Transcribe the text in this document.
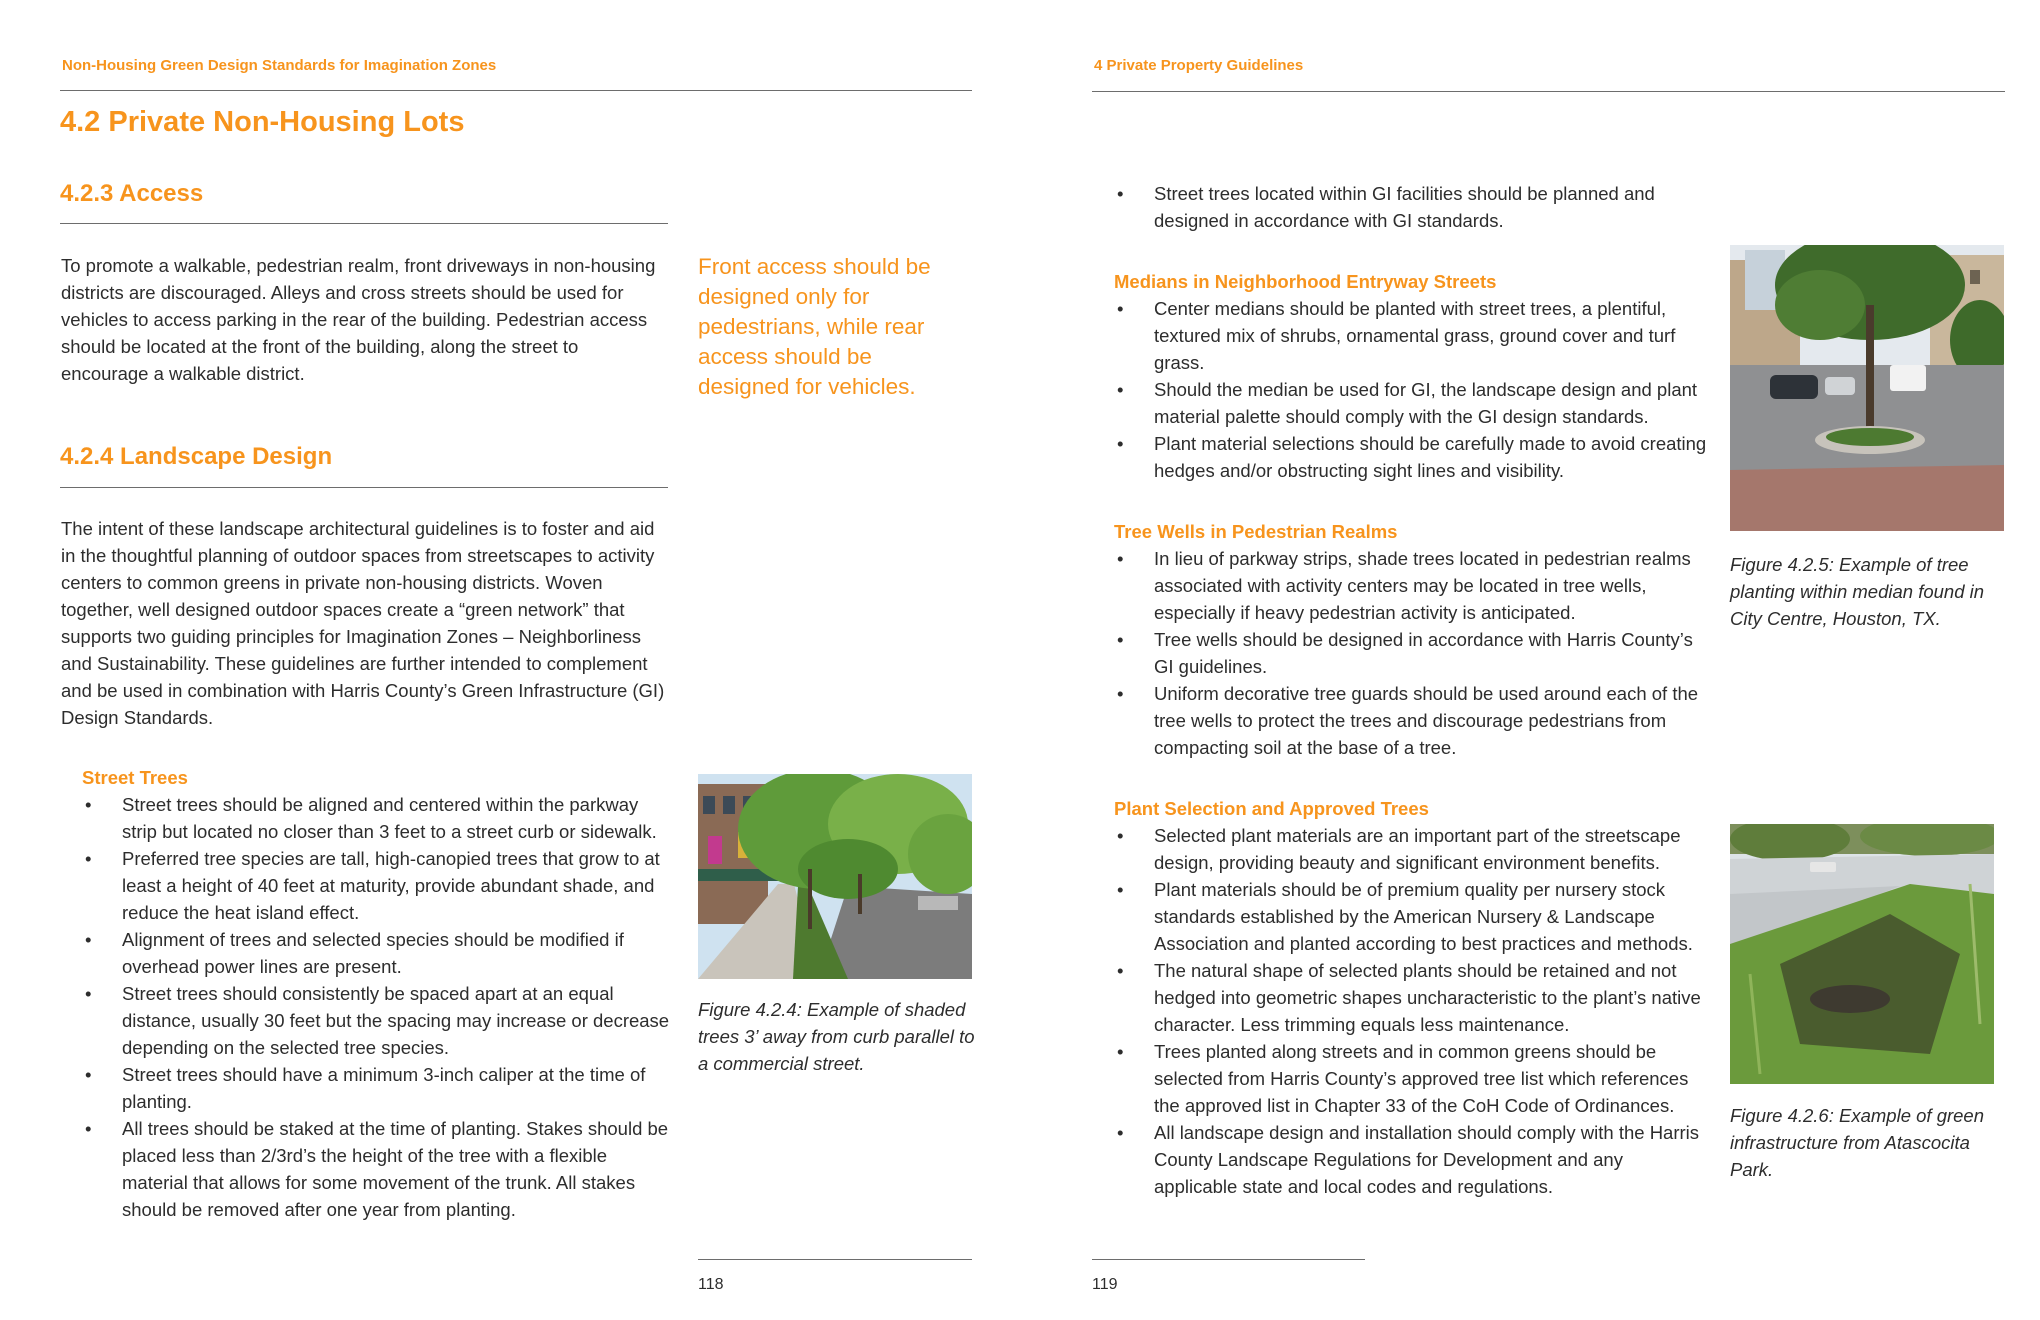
Non-Housing Green Design Standards for Imagination Zones
4.2 Private Non-Housing Lots
4.2.3 Access

To promote a walkable, pedestrian realm, front driveways in non-housing districts are discouraged. Alleys and cross streets should be used for vehicles to access parking in the rear of the building. Pedestrian access should be located at the front of the building, along the street to encourage a walkable district.

Front access should be designed only for pedestrians, while rear access should be designed for vehicles.

4.2.4 Landscape Design

The intent of these landscape architectural guidelines is to foster and aid in the thoughtful planning of outdoor spaces from streetscapes to activity centers to common greens in private non-housing districts. Woven together, well designed outdoor spaces create a “green network” that supports two guiding principles for Imagination Zones – Neighborliness and Sustainability. These guidelines are further intended to complement and be used in combination with Harris County’s Green Infrastructure (GI) Design Standards.

Street Trees

• Street trees should be aligned and centered within the parkway strip but located no closer than 3 feet to a street curb or sidewalk.
• Preferred tree species are tall, high-canopied trees that grow to at least a height of 40 feet at maturity, provide abundant shade, and reduce the heat island effect.
• Alignment of trees and selected species should be modified if overhead power lines are present.
• Street trees should consistently be spaced apart at an equal distance, usually 30 feet but the spacing may increase or decrease depending on the selected tree species.
• Street trees should have a minimum 3-inch caliper at the time of planting.
• All trees should be staked at the time of planting. Stakes should be placed less than 2/3rd’s the height of the tree with a flexible material that allows for some movement of the trunk. All stakes should be removed after one year from planting.

Figure 4.2.4: Example of shaded trees 3’ away from curb parallel to a commercial street.

118
4 Private Property Guidelines
• Street trees located within GI facilities should be planned and designed in accordance with GI standards.

Medians in Neighborhood Entryway Streets

• Center medians should be planted with street trees, a plentiful, textured mix of shrubs, ornamental grass, ground cover and turf grass.
• Should the median be used for GI, the landscape design and plant material palette should comply with the GI design standards.
• Plant material selections should be carefully made to avoid creating hedges and/or obstructing sight lines and visibility.

Tree Wells in Pedestrian Realms

• In lieu of parkway strips, shade trees located in pedestrian realms associated with activity centers may be located in tree wells, especially if heavy pedestrian activity is anticipated.
• Tree wells should be designed in accordance with Harris County’s GI guidelines.
• Uniform decorative tree guards should be used around each of the tree wells to protect the trees and discourage pedestrians from compacting soil at the base of a tree.

Plant Selection and Approved Trees

• Selected plant materials are an important part of the streetscape design, providing beauty and significant environment benefits.
• Plant materials should be of premium quality per nursery stock standards established by the American Nursery & Landscape Association and planted according to best practices and methods.
• The natural shape of selected plants should be retained and not hedged into geometric shapes uncharacteristic to the plant’s native character. Less trimming equals less maintenance.
• Trees planted along streets and in common greens should be selected from Harris County’s approved tree list which references the approved list in Chapter 33 of the CoH Code of Ordinances.
• All landscape design and installation should comply with the Harris County Landscape Regulations for Development and any applicable state and local codes and regulations.

Figure 4.2.5: Example of tree planting within median found in City Centre, Houston, TX.

Figure 4.2.6: Example of green infrastructure from Atascocita Park.

119
